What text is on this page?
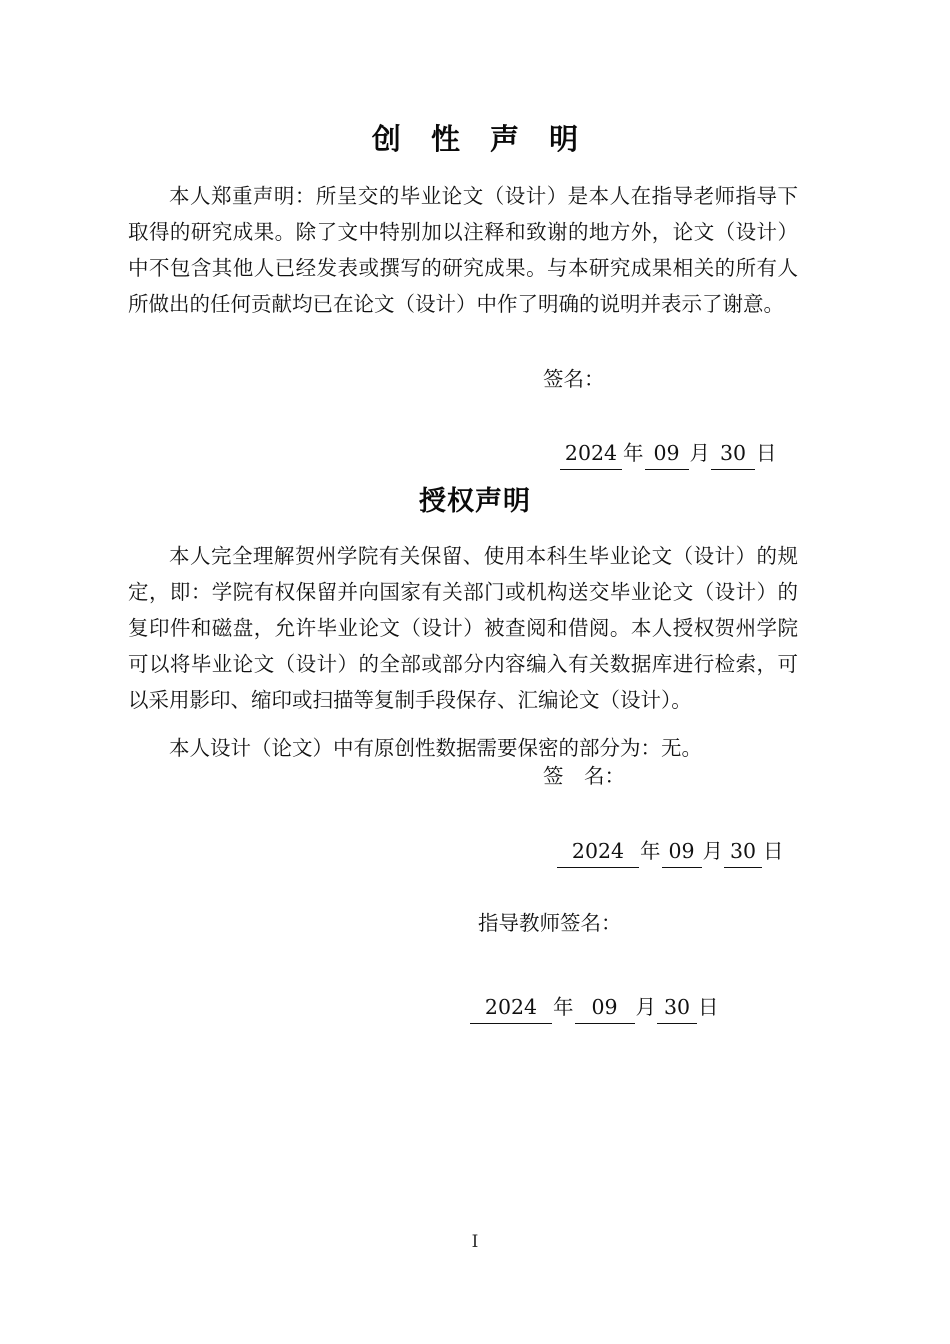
创 性 声 明
本人郑重声明：所呈交的毕业论文（设计）是本人在指导老师指导下取得的研究成果。除了文中特别加以注释和致谢的地方外，论文（设计）中不包含其他人已经发表或撰写的研究成果。与本研究成果相关的所有人所做出的任何贡献均已在论文（设计）中作了明确的说明并表示了谢意。
签名：
2024 年 09 月 30 日
授权声明
本人完全理解贺州学院有关保留、使用本科生毕业论文（设计）的规定，即：学院有权保留并向国家有关部门或机构送交毕业论文（设计）的复印件和磁盘，允许毕业论文（设计）被查阅和借阅。本人授权贺州学院可以将毕业论文（设计）的全部或部分内容编入有关数据库进行检索，可以采用影印、缩印或扫描等复制手段保存、汇编论文（设计）。
本人设计（论文）中有原创性数据需要保密的部分为：无。
签　名：
2024 年 09 月 30 日
指导教师签名：
2024 年 09 月 30 日
I
